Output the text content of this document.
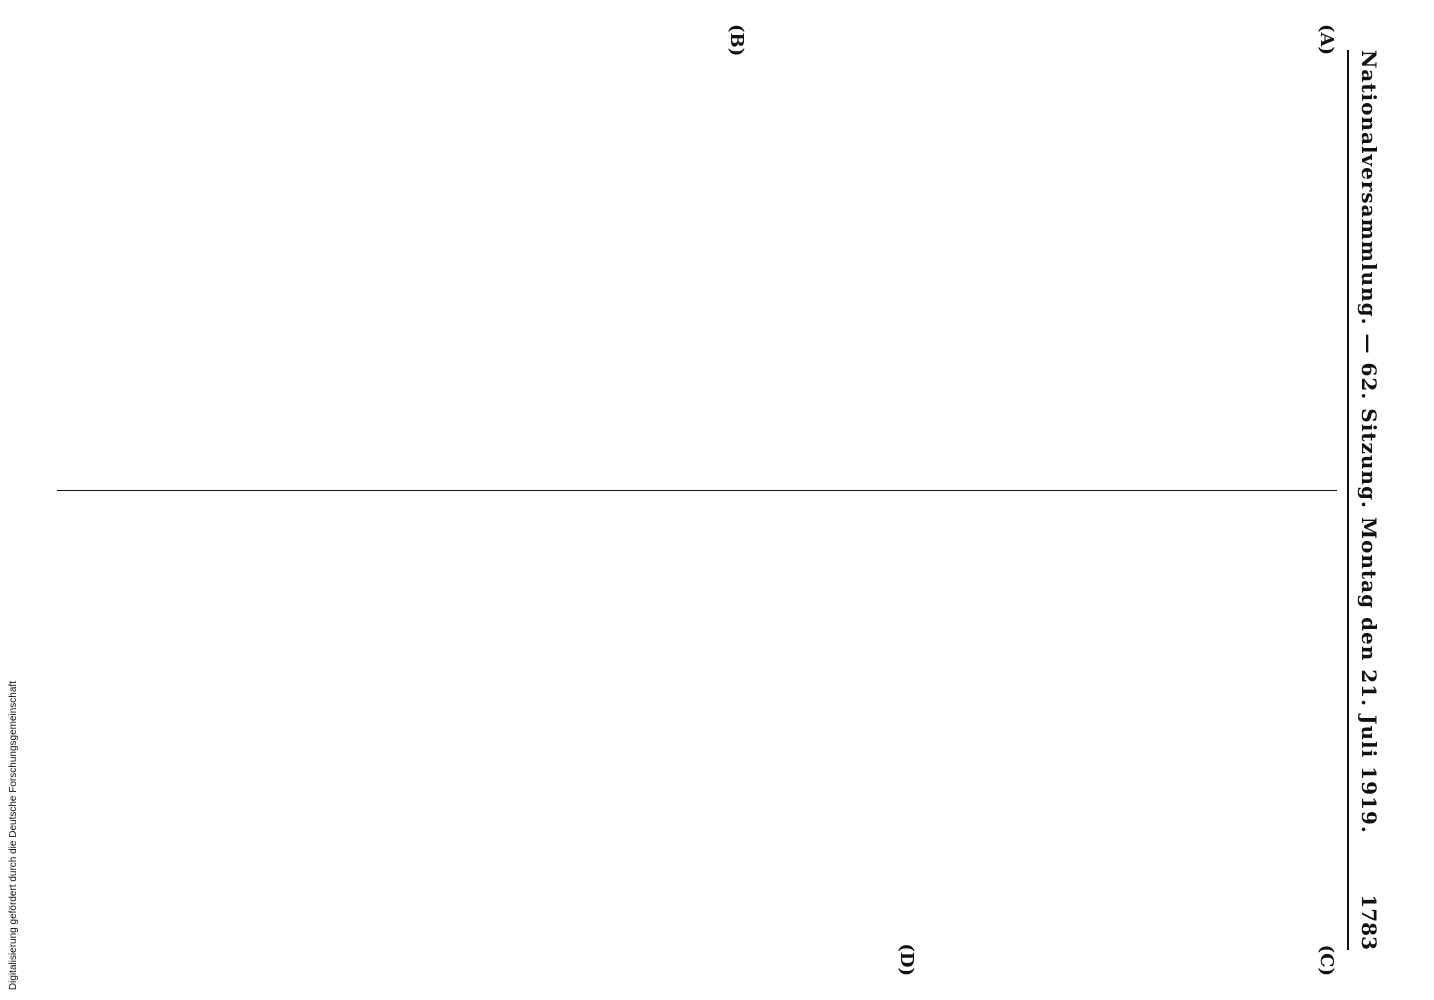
Nationalversammlung. — 62. Sitzung. Montag den 21. Juli 1919.
1783
(A)
(B)
(C)
(D)
Digitalisierung gefördert durch die Deutsche Forschungsgemeinschaft
